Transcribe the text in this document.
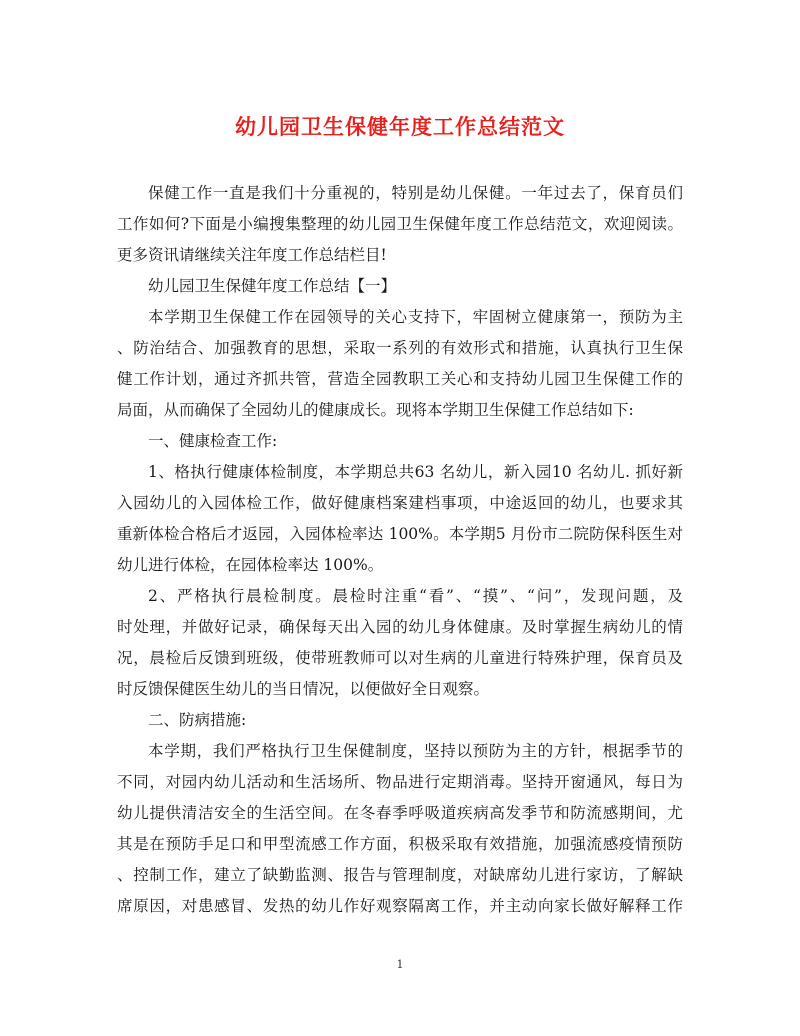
幼儿园卫生保健年度工作总结范文
保健工作一直是我们十分重视的，特别是幼儿保健。一年过去了，保育员们
工作如何?下面是小编搜集整理的幼儿园卫生保健年度工作总结范文，欢迎阅读。
更多资讯请继续关注年度工作总结栏目!
幼儿园卫生保健年度工作总结【一】
本学期卫生保健工作在园领导的关心支持下，牢固树立健康第一，预防为主
、防治结合、加强教育的思想，采取一系列的有效形式和措施，认真执行卫生保
健工作计划，通过齐抓共管，营造全园教职工关心和支持幼儿园卫生保健工作的
局面，从而确保了全园幼儿的健康成长。现将本学期卫生保健工作总结如下:
一、健康检查工作:
1、格执行健康体检制度，本学期总共63 名幼儿，新入园10 名幼儿. 抓好新
入园幼儿的入园体检工作，做好健康档案建档事项，中途返回的幼儿，也要求其
重新体检合格后才返园，入园体检率达 100%。本学期5 月份市二院防保科医生对
幼儿进行体检，在园体检率达 100%。
2、严格执行晨检制度。晨检时注重“看”、“摸”、“问”，发现问题，及
时处理，并做好记录，确保每天出入园的幼儿身体健康。及时掌握生病幼儿的情
况，晨检后反馈到班级，使带班教师可以对生病的儿童进行特殊护理，保育员及
时反馈保健医生幼儿的当日情况，以便做好全日观察。
二、防病措施:
本学期，我们严格执行卫生保健制度，坚持以预防为主的方针，根据季节的
不同，对园内幼儿活动和生活场所、物品进行定期消毒。坚持开窗通风，每日为
幼儿提供清洁安全的生活空间。在冬春季呼吸道疾病高发季节和防流感期间，尤
其是在预防手足口和甲型流感工作方面，积极采取有效措施，加强流感疫情预防
、控制工作，建立了缺勤监测、报告与管理制度，对缺席幼儿进行家访，了解缺
席原因，对患感冒、发热的幼儿作好观察隔离工作，并主动向家长做好解释工作
1
